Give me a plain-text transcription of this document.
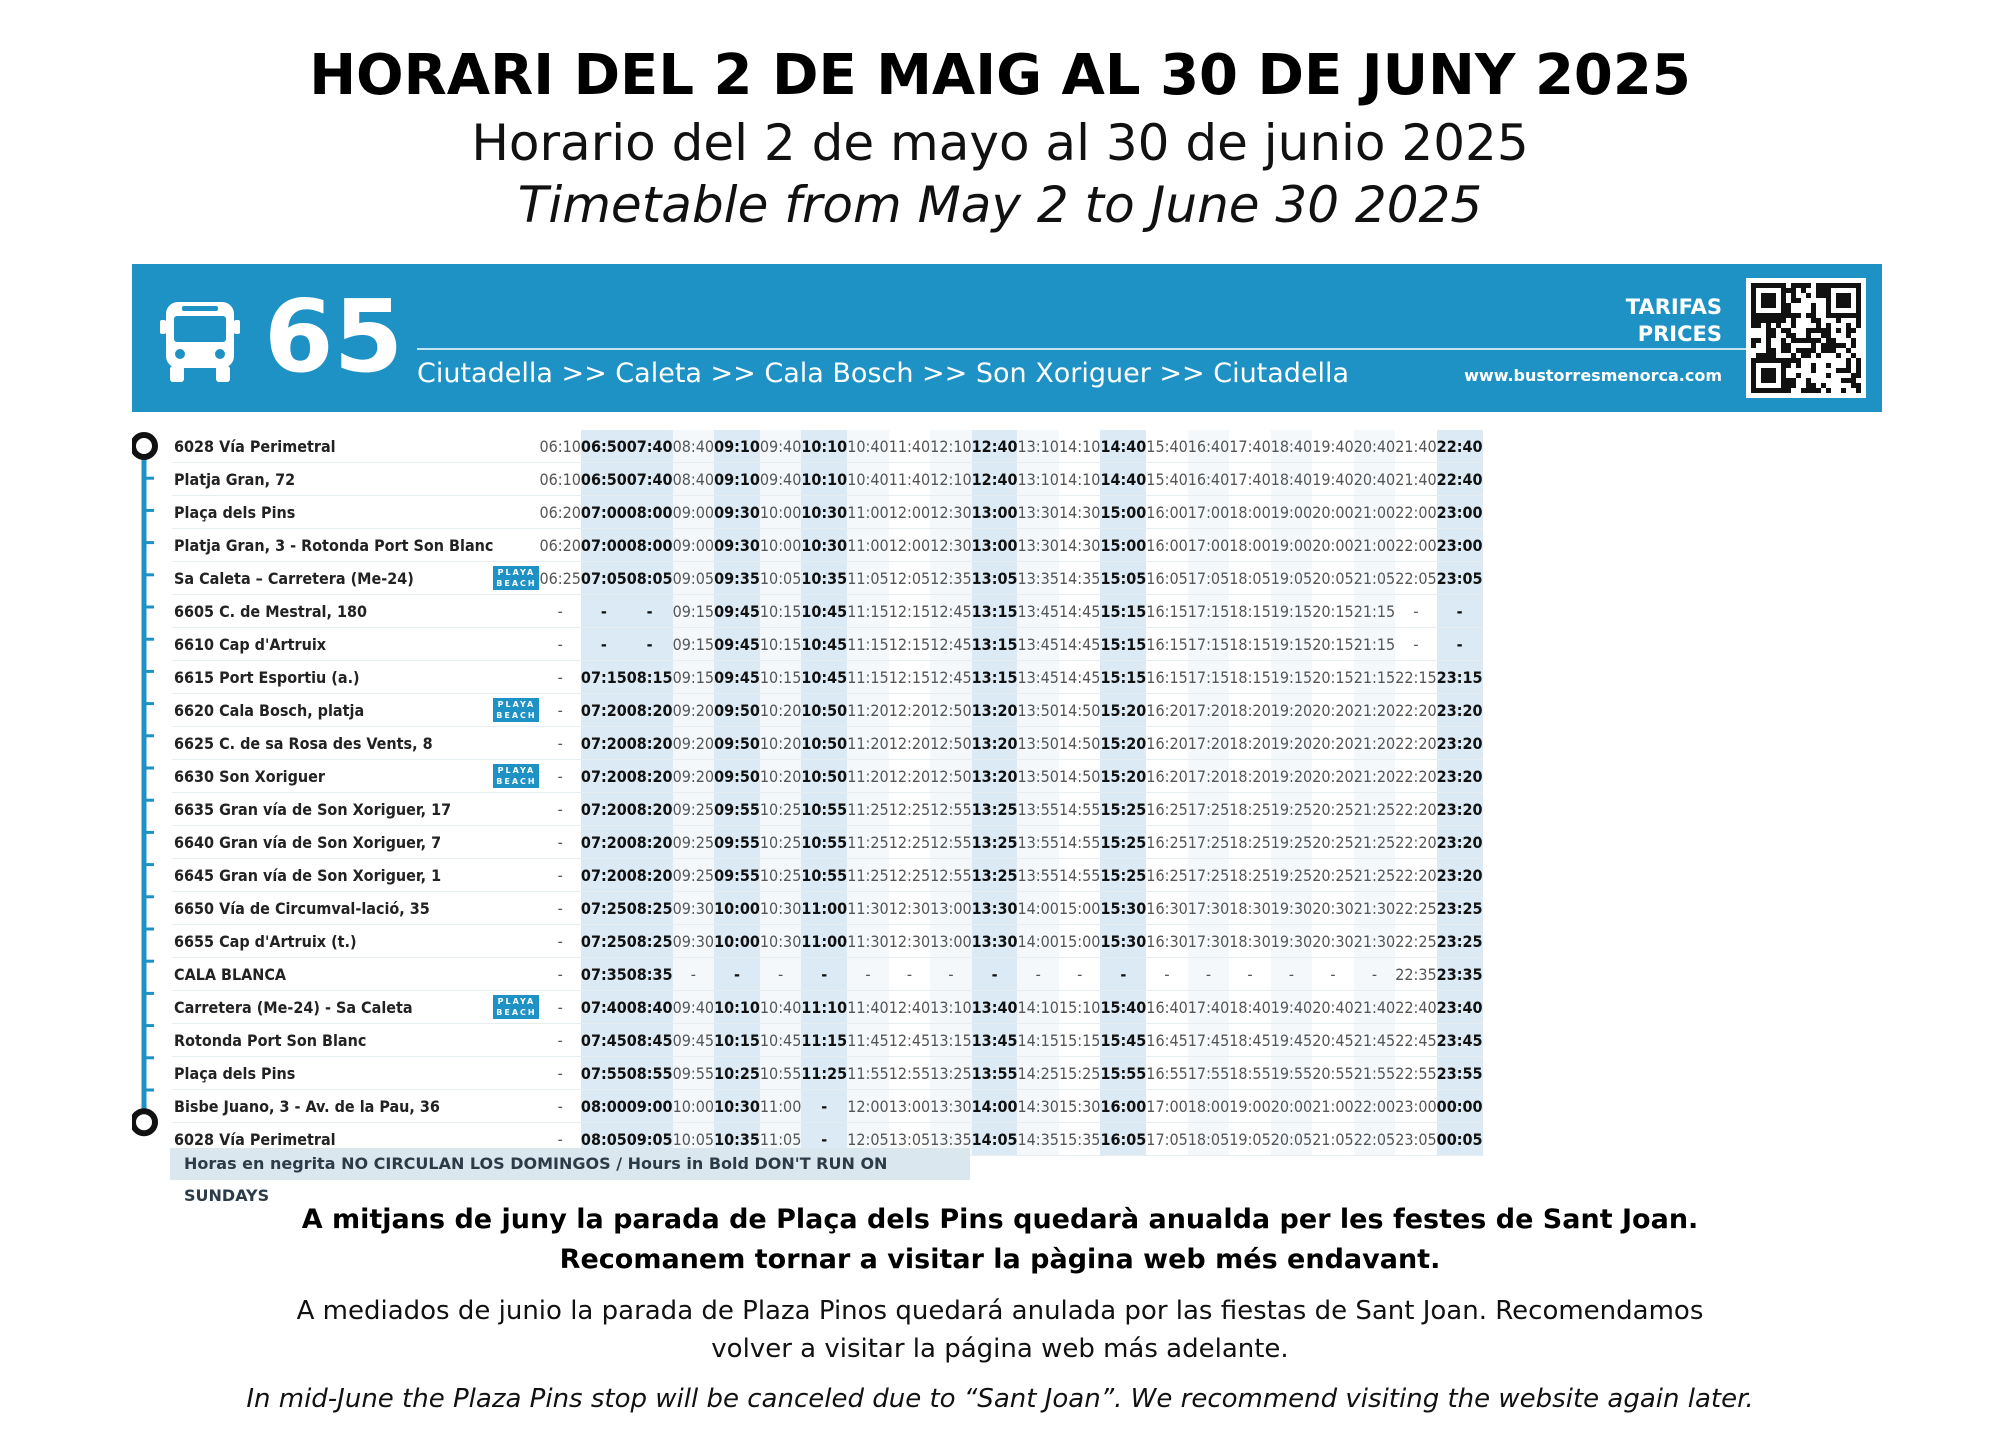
HORARI DEL 2 DE MAIG AL 30 DE JUNY 2025
Horario del 2 de mayo al 30 de junio 2025
Timetable from May 2 to June 30 2025
65 Ciutadella >> Caleta >> Cala Bosch >> Son Xoriguer >> Ciutadella
TARIFAS
PRICES
www.bustorresmenorca.com
6028 Vía Perimetral		06:10	06:50	07:40	08:40	09:10	09:40	10:10	10:40	11:40	12:10	12:40	13:10	14:10	14:40	15:40	16:40	17:40	18:40	19:40	20:40	21:40	22:40
Platja Gran, 72		06:10	06:50	07:40	08:40	09:10	09:40	10:10	10:40	11:40	12:10	12:40	13:10	14:10	14:40	15:40	16:40	17:40	18:40	19:40	20:40	21:40	22:40
Plaça dels Pins		06:20	07:00	08:00	09:00	09:30	10:00	10:30	11:00	12:00	12:30	13:00	13:30	14:30	15:00	16:00	17:00	18:00	19:00	20:00	21:00	22:00	23:00
Platja Gran, 3 - Rotonda Port Son Blanc		06:20	07:00	08:00	09:00	09:30	10:00	10:30	11:00	12:00	12:30	13:00	13:30	14:30	15:00	16:00	17:00	18:00	19:00	20:00	21:00	22:00	23:00
Sa Caleta – Carretera (Me-24)	PLAYA
BEACH	06:25	07:05	08:05	09:05	09:35	10:05	10:35	11:05	12:05	12:35	13:05	13:35	14:35	15:05	16:05	17:05	18:05	19:05	20:05	21:05	22:05	23:05
6605 C. de Mestral, 180		-	-	-	09:15	09:45	10:15	10:45	11:15	12:15	12:45	13:15	13:45	14:45	15:15	16:15	17:15	18:15	19:15	20:15	21:15	-	-
6610 Cap d'Artruix		-	-	-	09:15	09:45	10:15	10:45	11:15	12:15	12:45	13:15	13:45	14:45	15:15	16:15	17:15	18:15	19:15	20:15	21:15	-	-
6615 Port Esportiu (a.)		-	07:15	08:15	09:15	09:45	10:15	10:45	11:15	12:15	12:45	13:15	13:45	14:45	15:15	16:15	17:15	18:15	19:15	20:15	21:15	22:15	23:15
6620 Cala Bosch, platja	PLAYA
BEACH	-	07:20	08:20	09:20	09:50	10:20	10:50	11:20	12:20	12:50	13:20	13:50	14:50	15:20	16:20	17:20	18:20	19:20	20:20	21:20	22:20	23:20
6625 C. de sa Rosa des Vents, 8		-	07:20	08:20	09:20	09:50	10:20	10:50	11:20	12:20	12:50	13:20	13:50	14:50	15:20	16:20	17:20	18:20	19:20	20:20	21:20	22:20	23:20
6630 Son Xoriguer	PLAYA
BEACH	-	07:20	08:20	09:20	09:50	10:20	10:50	11:20	12:20	12:50	13:20	13:50	14:50	15:20	16:20	17:20	18:20	19:20	20:20	21:20	22:20	23:20
6635 Gran vía de Son Xoriguer, 17		-	07:20	08:20	09:25	09:55	10:25	10:55	11:25	12:25	12:55	13:25	13:55	14:55	15:25	16:25	17:25	18:25	19:25	20:25	21:25	22:20	23:20
6640 Gran vía de Son Xoriguer, 7		-	07:20	08:20	09:25	09:55	10:25	10:55	11:25	12:25	12:55	13:25	13:55	14:55	15:25	16:25	17:25	18:25	19:25	20:25	21:25	22:20	23:20
6645 Gran vía de Son Xoriguer, 1		-	07:20	08:20	09:25	09:55	10:25	10:55	11:25	12:25	12:55	13:25	13:55	14:55	15:25	16:25	17:25	18:25	19:25	20:25	21:25	22:20	23:20
6650 Vía de Circumval-lació, 35		-	07:25	08:25	09:30	10:00	10:30	11:00	11:30	12:30	13:00	13:30	14:00	15:00	15:30	16:30	17:30	18:30	19:30	20:30	21:30	22:25	23:25
6655 Cap d'Artruix (t.)		-	07:25	08:25	09:30	10:00	10:30	11:00	11:30	12:30	13:00	13:30	14:00	15:00	15:30	16:30	17:30	18:30	19:30	20:30	21:30	22:25	23:25
CALA BLANCA		-	07:35	08:35	-	-	-	-	-	-	-	-	-	-	-	-	-	-	-	-	-	22:35	23:35
Carretera (Me-24) - Sa Caleta	PLAYA
BEACH	-	07:40	08:40	09:40	10:10	10:40	11:10	11:40	12:40	13:10	13:40	14:10	15:10	15:40	16:40	17:40	18:40	19:40	20:40	21:40	22:40	23:40
Rotonda Port Son Blanc		-	07:45	08:45	09:45	10:15	10:45	11:15	11:45	12:45	13:15	13:45	14:15	15:15	15:45	16:45	17:45	18:45	19:45	20:45	21:45	22:45	23:45
Plaça dels Pins		-	07:55	08:55	09:55	10:25	10:55	11:25	11:55	12:55	13:25	13:55	14:25	15:25	15:55	16:55	17:55	18:55	19:55	20:55	21:55	22:55	23:55
Bisbe Juano, 3 - Av. de la Pau, 36		-	08:00	09:00	10:00	10:30	11:00	-	12:00	13:00	13:30	14:00	14:30	15:30	16:00	17:00	18:00	19:00	20:00	21:00	22:00	23:00	00:00
6028 Vía Perimetral		-	08:05	09:05	10:05	10:35	11:05	-	12:05	13:05	13:35	14:05	14:35	15:35	16:05	17:05	18:05	19:05	20:05	21:05	22:05	23:05	00:05
Horas en negrita NO CIRCULAN LOS DOMINGOS / Hours in Bold DON'T RUN ON SUNDAYS
A mitjans de juny la parada de Plaça dels Pins quedarà anualda per les festes de Sant Joan.
Recomanem tornar a visitar la pàgina web més endavant.
A mediados de junio la parada de Plaza Pinos quedará anulada por las fiestas de Sant Joan. Recomendamos
volver a visitar la página web más adelante.
In mid-June the Plaza Pins stop will be canceled due to “Sant Joan”. We recommend visiting the website again later.
